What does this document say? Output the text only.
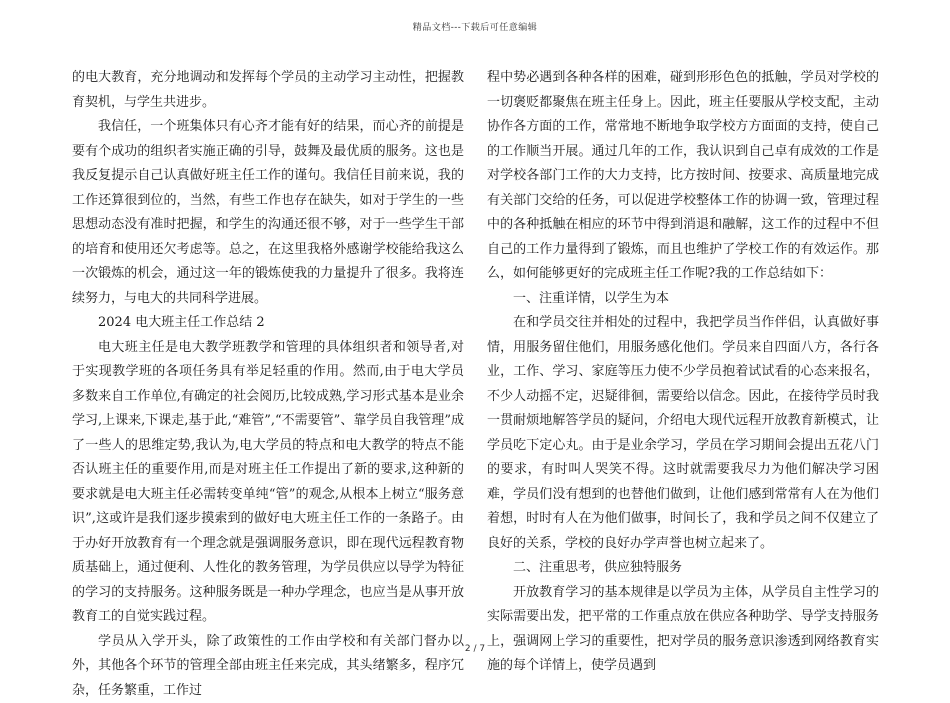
精品文档---下载后可任意编辑

的电大教育，充分地调动和发挥每个学员的主动学习主动性，把握教育契机，与学生共进步。

我信任，一个班集体只有心齐才能有好的结果，而心齐的前提是要有个成功的组织者实施正确的引导，鼓舞及最优质的服务。这也是我反复提示自己认真做好班主任工作的谨句。我信任目前来说，我的工作还算很到位的，当然，有些工作也存在缺失，如对于学生的一些思想动态没有准时把握，和学生的沟通还很不够，对于一些学生干部的培育和使用还欠考虑等。总之，在这里我格外感谢学校能给我这么一次锻炼的机会，通过这一年的锻炼使我的力量提升了很多。我将连续努力，与电大的共同科学进展。

2024 电大班主任工作总结 2

电大班主任是电大教学班教学和管理的具体组织者和领导者,对于实现教学班的各项任务具有举足轻重的作用。然而,由于电大学员多数来自工作单位,有确定的社会阅历,比较成熟,学习形式基本是业余学习,上课来,下课走,基于此,“难管”,“不需要管”、靠学员自我管理”成了一些人的思维定势,我认为,电大学员的特点和电大教学的特点不能否认班主任的重要作用,而是对班主任工作提出了新的要求,这种新的要求就是电大班主任必需转变单纯“管”的观念,从根本上树立“服务意识”,这或许是我们逐步摸索到的做好电大班主任工作的一条路子。由于办好开放教育有一个理念就是强调服务意识，即在现代远程教育物质基础上，通过便利、人性化的教务管理，为学员供应以导学为特征的学习的支持服务。这种服务既是一种办学理念，也应当是从事开放教育工的自觉实践过程。

学员从入学开头，除了政策性的工作由学校和有关部门督办以外，其他各个环节的管理全部由班主任来完成，其头绪繁多，程序冗杂，任务繁重，工作过

程中势必遇到各种各样的困难，碰到形形色色的抵触，学员对学校的一切褒贬都聚焦在班主任身上。因此，班主任要服从学校支配，主动协作各方面的工作，常常地不断地争取学校方方面面的支持，使自己的工作顺当开展。通过几年的工作，我认识到自己卓有成效的工作是对学校各部门工作的大力支持，比方按时间、按要求、高质量地完成有关部门交给的任务，可以促进学校整体工作的协调一致，管理过程中的各种抵触在相应的环节中得到消退和融解，这工作的过程中不但自己的工作力量得到了锻炼，而且也维护了学校工作的有效运作。那么，如何能够更好的完成班主任工作呢?我的工作总结如下：

一、注重详情，以学生为本

在和学员交往并相处的过程中，我把学员当作伴侣，认真做好事情，用服务留住他们，用服务感化他们。学员来自四面八方，各行各业，工作、学习、家庭等压力使不少学员抱着试试看的心态来报名，不少人动摇不定，迟疑徘徊，需要给以信念。因此，在接待学员时我一贯耐烦地解答学员的疑问，介绍电大现代远程开放教育新模式，让学员吃下定心丸。由于是业余学习，学员在学习期间会提出五花八门的要求，有时叫人哭笑不得。这时就需要我尽力为他们解决学习困难，学员们没有想到的也替他们做到，让他们感到常常有人在为他们着想，时时有人在为他们做事，时间长了，我和学员之间不仅建立了良好的关系，学校的良好办学声誉也树立起来了。

二、注重思考，供应独特服务

开放教育学习的基本规律是以学员为主体，从学员自主性学习的实际需要出发，把平常的工作重点放在供应各种助学、导学支持服务上，强调网上学习的重要性，把对学员的服务意识渗透到网络教育实施的每个详情上，使学员遇到

2 / 7
